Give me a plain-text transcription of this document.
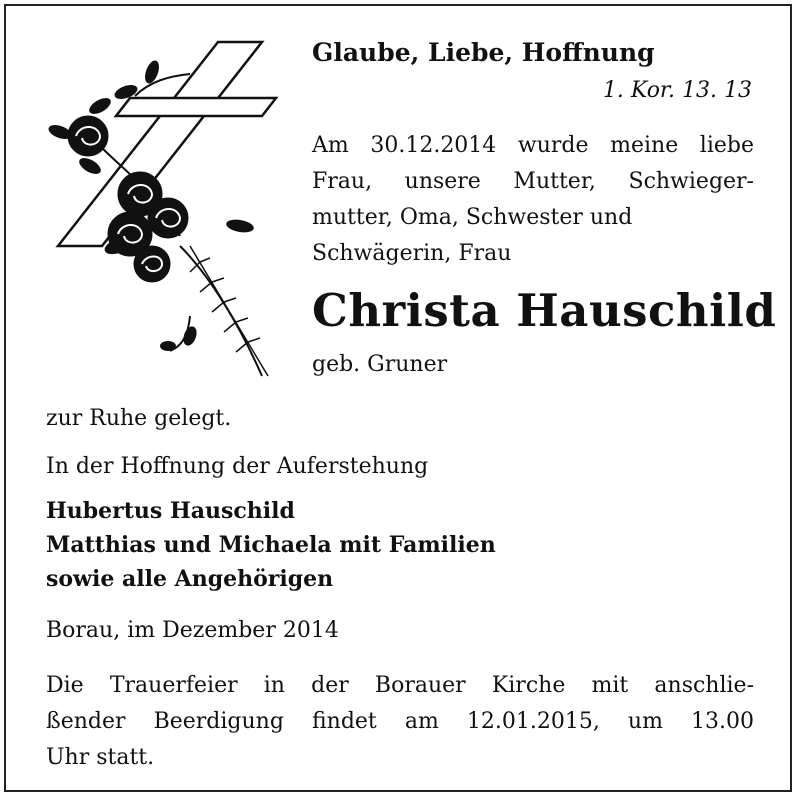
Glaube, Liebe, Hoffnung
1. Kor. 13. 13
Am 30.12.2014 wurde meine liebe
Frau, unsere Mutter, Schwieger-
mutter, Oma, Schwester und
Schwägerin, Frau
Christa Hauschild
geb. Gruner
zur Ruhe gelegt.
In der Hoffnung der Auferstehung
Hubertus Hauschild
Matthias und Michaela mit Familien
sowie alle Angehörigen
Borau, im Dezember 2014
Die Trauerfeier in der Borauer Kirche mit anschlie-
ßender Beerdigung findet am 12.01.2015, um 13.00
Uhr statt.
